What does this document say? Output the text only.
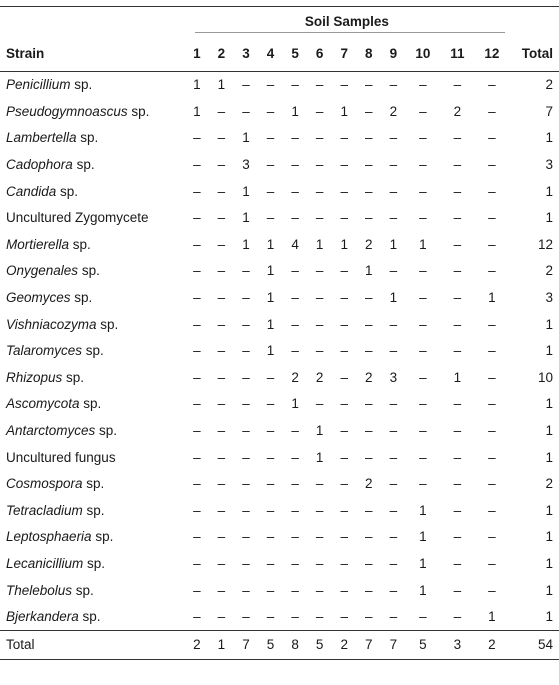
	Soil Samples											

Strain	1	2	3	4	5	6	7	8	9	10	11	12	Total
Penicillium sp.	1	1	–	–	–	–	–	–	–	–	–	–	2
Pseudogymnoascus sp.	1	–	–	–	1	–	1	–	2	–	2	–	7
Lambertella sp.	–	–	1	–	–	–	–	–	–	–	–	–	1
Cadophora sp.	–	–	3	–	–	–	–	–	–	–	–	–	3
Candida sp.	–	–	1	–	–	–	–	–	–	–	–	–	1
Uncultured Zygomycete	–	–	1	–	–	–	–	–	–	–	–	–	1
Mortierella sp.	–	–	1	1	4	1	1	2	1	1	–	–	12
Onygenales sp.	–	–	–	1	–	–	–	1	–	–	–	–	2
Geomyces sp.	–	–	–	1	–	–	–	–	1	–	–	1	3
Vishniacozyma sp.	–	–	–	1	–	–	–	–	–	–	–	–	1
Talaromyces sp.	–	–	–	1	–	–	–	–	–	–	–	–	1
Rhizopus sp.	–	–	–	–	2	2	–	2	3	–	1	–	10
Ascomycota sp.	–	–	–	–	1	–	–	–	–	–	–	–	1
Antarctomyces sp.	–	–	–	–	–	1	–	–	–	–	–	–	1
Uncultured fungus	–	–	–	–	–	1	–	–	–	–	–	–	1
Cosmospora sp.	–	–	–	–	–	–	–	2	–	–	–	–	2
Tetracladium sp.	–	–	–	–	–	–	–	–	–	1	–	–	1
Leptosphaeria sp.	–	–	–	–	–	–	–	–	–	1	–	–	1
Lecanicillium sp.	–	–	–	–	–	–	–	–	–	1	–	–	1
Thelebolus sp.	–	–	–	–	–	–	–	–	–	1	–	–	1
Bjerkandera sp.	–	–	–	–	–	–	–	–	–	–	–	1	1
Total	2	1	7	5	8	5	2	7	7	5	3	2	54
